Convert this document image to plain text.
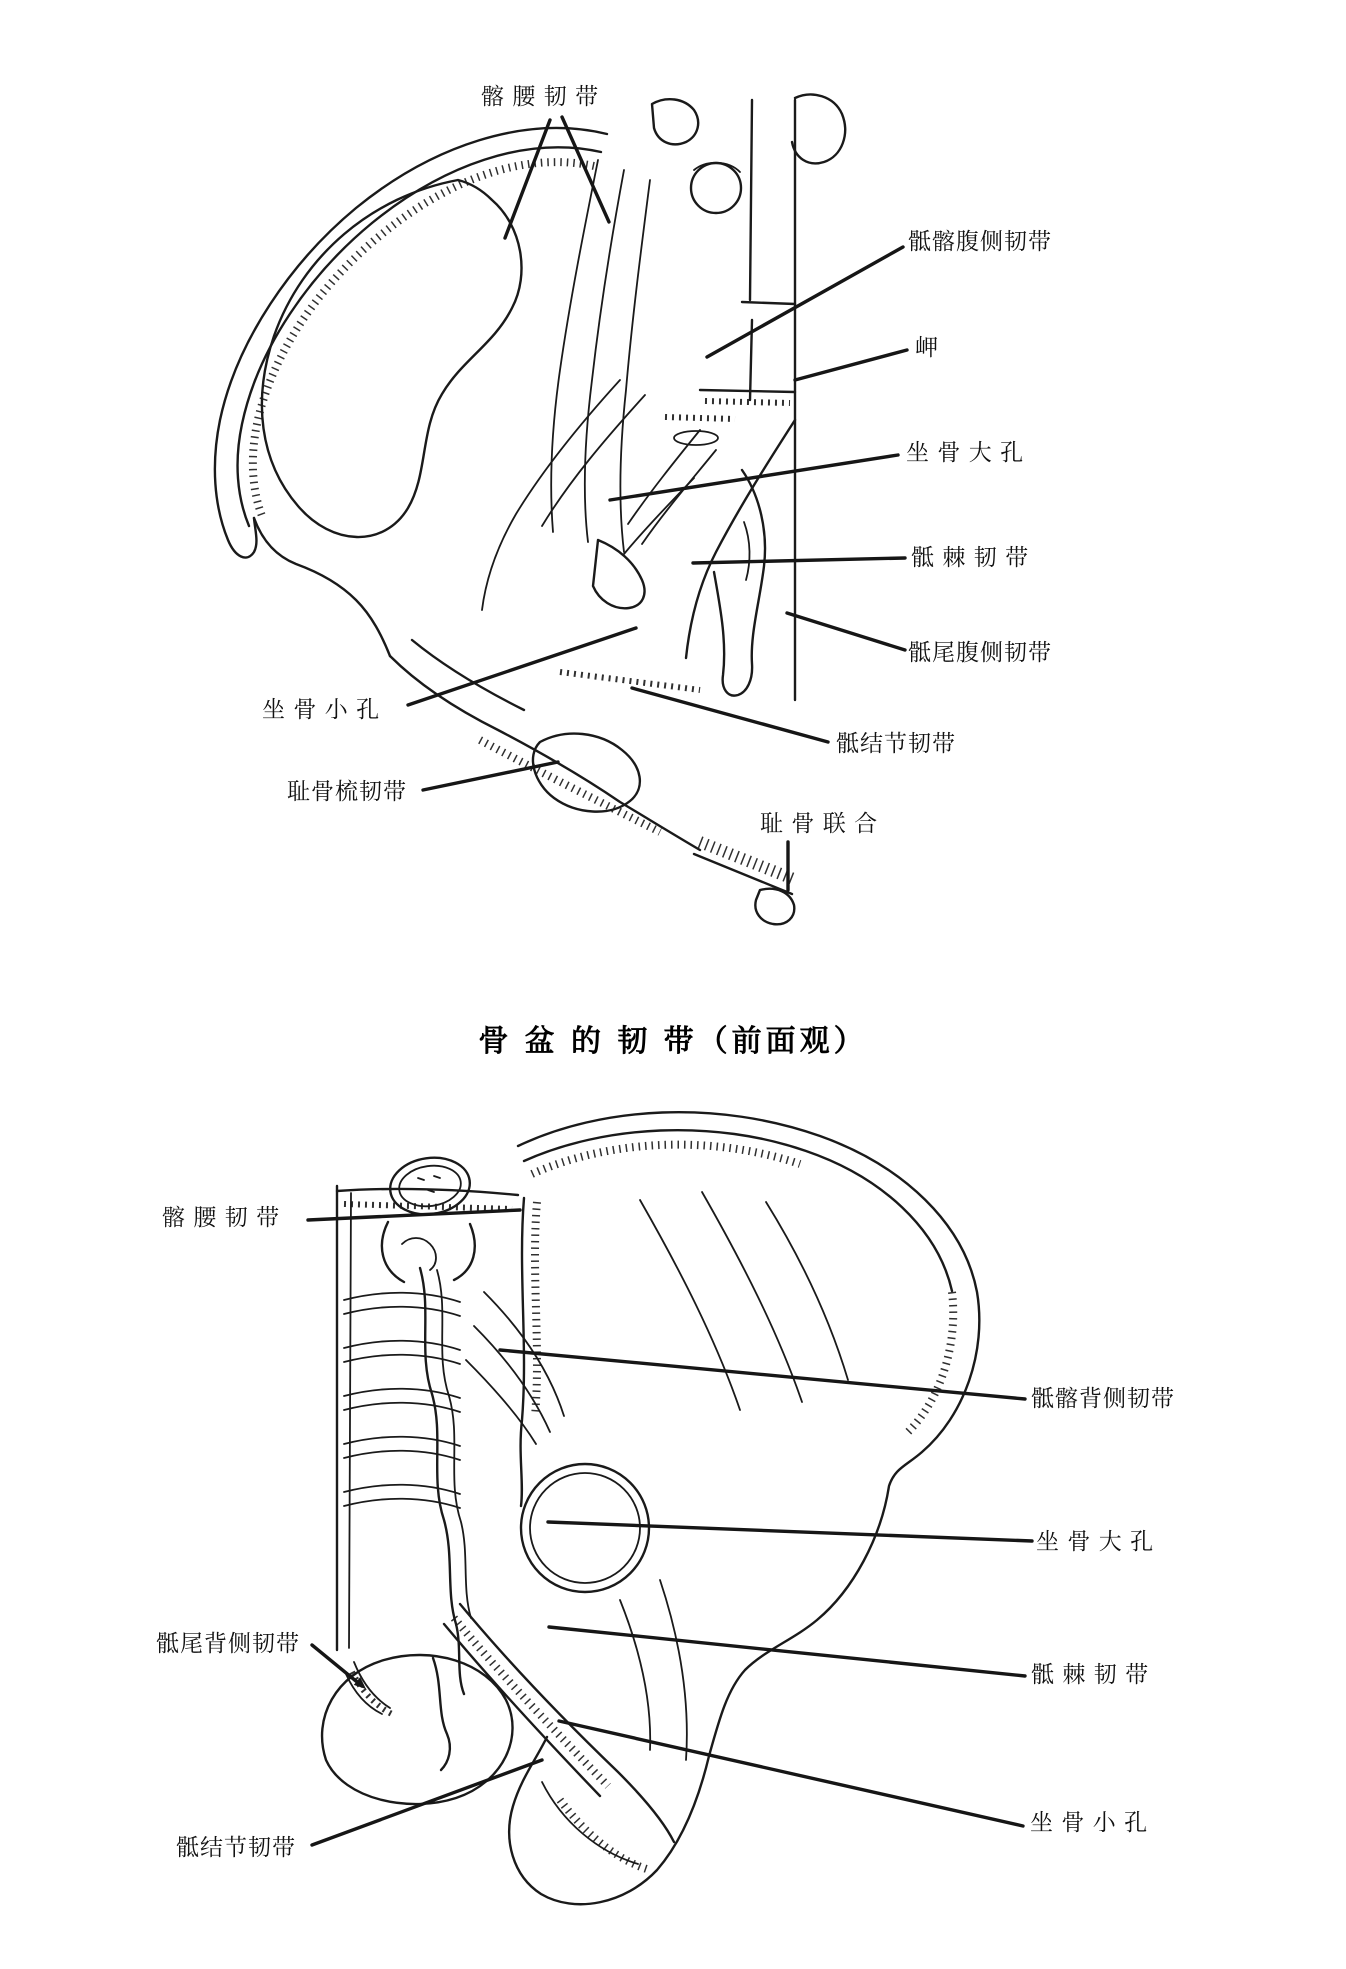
髂 腰 韧 带
骶髂腹侧韧带
岬
坐 骨 大 孔
骶 棘 韧 带
骶尾腹侧韧带
坐 骨 小 孔
骶结节韧带
耻骨梳韧带
耻 骨 联 合
骨 盆 的 韧 带（前面观）
髂 腰 韧 带
骶髂背侧韧带
坐 骨 大 孔
骶尾背侧韧带
骶 棘 韧 带
坐 骨 小 孔
骶结节韧带
